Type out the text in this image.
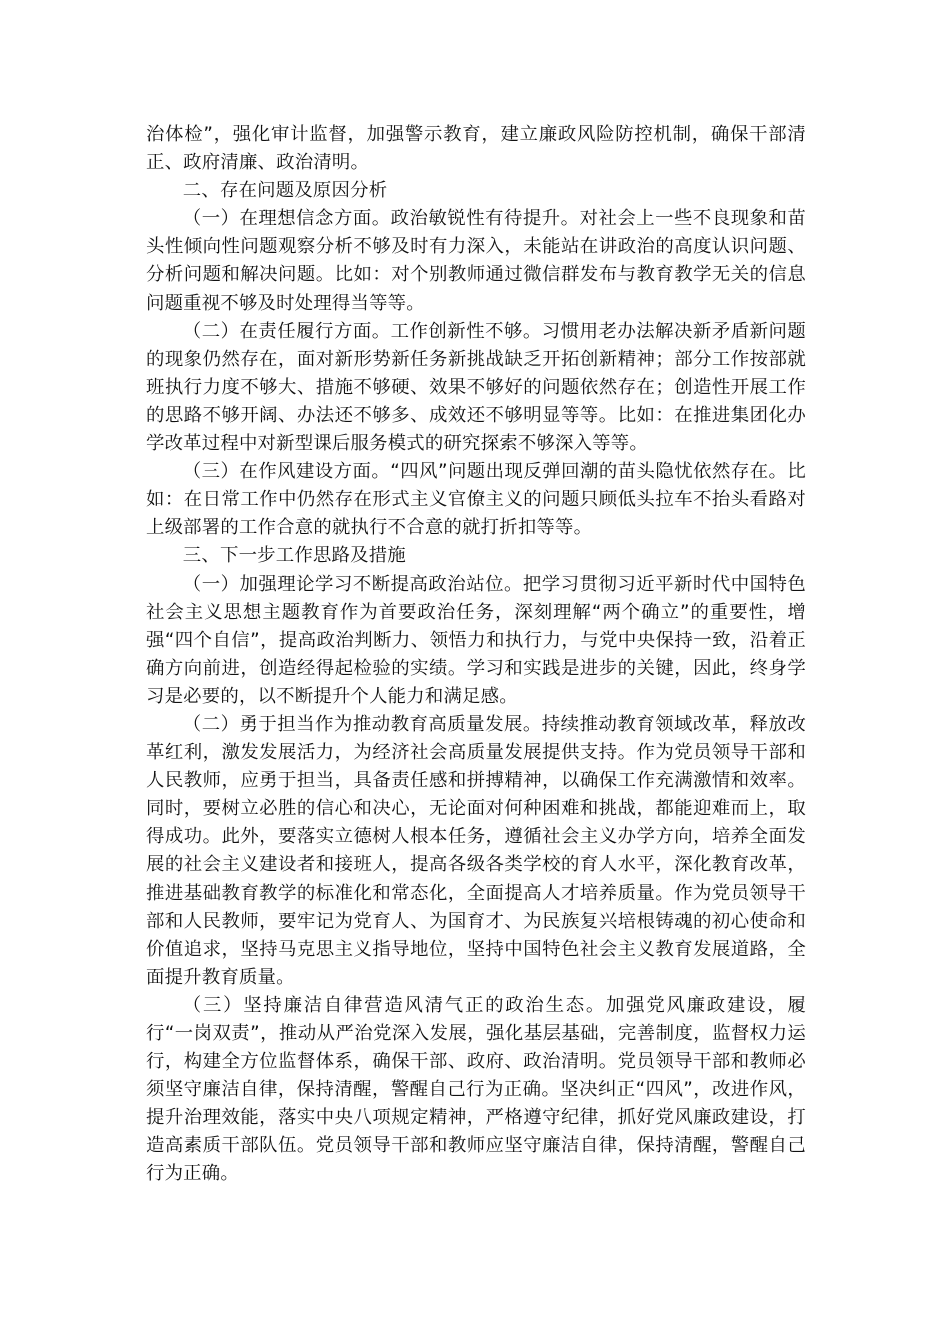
治体检”，强化审计监督，加强警示教育，建立廉政风险防控机制，确保干部清正、政府清廉、政治清明。

二、存在问题及原因分析

（一）在理想信念方面。政治敏锐性有待提升。对社会上一些不良现象和苗头性倾向性问题观察分析不够及时有力深入，未能站在讲政治的高度认识问题、分析问题和解决问题。比如：对个别教师通过微信群发布与教育教学无关的信息问题重视不够及时处理得当等等。

（二）在责任履行方面。工作创新性不够。习惯用老办法解决新矛盾新问题的现象仍然存在，面对新形势新任务新挑战缺乏开拓创新精神；部分工作按部就班执行力度不够大、措施不够硬、效果不够好的问题依然存在；创造性开展工作的思路不够开阔、办法还不够多、成效还不够明显等等。比如：在推进集团化办学改革过程中对新型课后服务模式的研究探索不够深入等等。

（三）在作风建设方面。“四风”问题出现反弹回潮的苗头隐忧依然存在。比如：在日常工作中仍然存在形式主义官僚主义的问题只顾低头拉车不抬头看路对上级部署的工作合意的就执行不合意的就打折扣等等。

三、下一步工作思路及措施

（一）加强理论学习不断提高政治站位。把学习贯彻习近平新时代中国特色社会主义思想主题教育作为首要政治任务，深刻理解“两个确立”的重要性，增强“四个自信”，提高政治判断力、领悟力和执行力，与党中央保持一致，沿着正确方向前进，创造经得起检验的实绩。学习和实践是进步的关键，因此，终身学习是必要的，以不断提升个人能力和满足感。

（二）勇于担当作为推动教育高质量发展。持续推动教育领域改革，释放改革红利，激发发展活力，为经济社会高质量发展提供支持。作为党员领导干部和人民教师，应勇于担当，具备责任感和拼搏精神，以确保工作充满激情和效率。同时，要树立必胜的信心和决心，无论面对何种困难和挑战，都能迎难而上，取得成功。此外，要落实立德树人根本任务，遵循社会主义办学方向，培养全面发展的社会主义建设者和接班人，提高各级各类学校的育人水平，深化教育改革，推进基础教育教学的标准化和常态化，全面提高人才培养质量。作为党员领导干部和人民教师，要牢记为党育人、为国育才、为民族复兴培根铸魂的初心使命和价值追求，坚持马克思主义指导地位，坚持中国特色社会主义教育发展道路，全面提升教育质量。

（三）坚持廉洁自律营造风清气正的政治生态。加强党风廉政建设，履行“一岗双责”，推动从严治党深入发展，强化基层基础，完善制度，监督权力运行，构建全方位监督体系，确保干部、政府、政治清明。党员领导干部和教师必须坚守廉洁自律，保持清醒，警醒自己行为正确。坚决纠正“四风”，改进作风，提升治理效能，落实中央八项规定精神，严格遵守纪律，抓好党风廉政建设，打造高素质干部队伍。党员领导干部和教师应坚守廉洁自律，保持清醒，警醒自己行为正确。
